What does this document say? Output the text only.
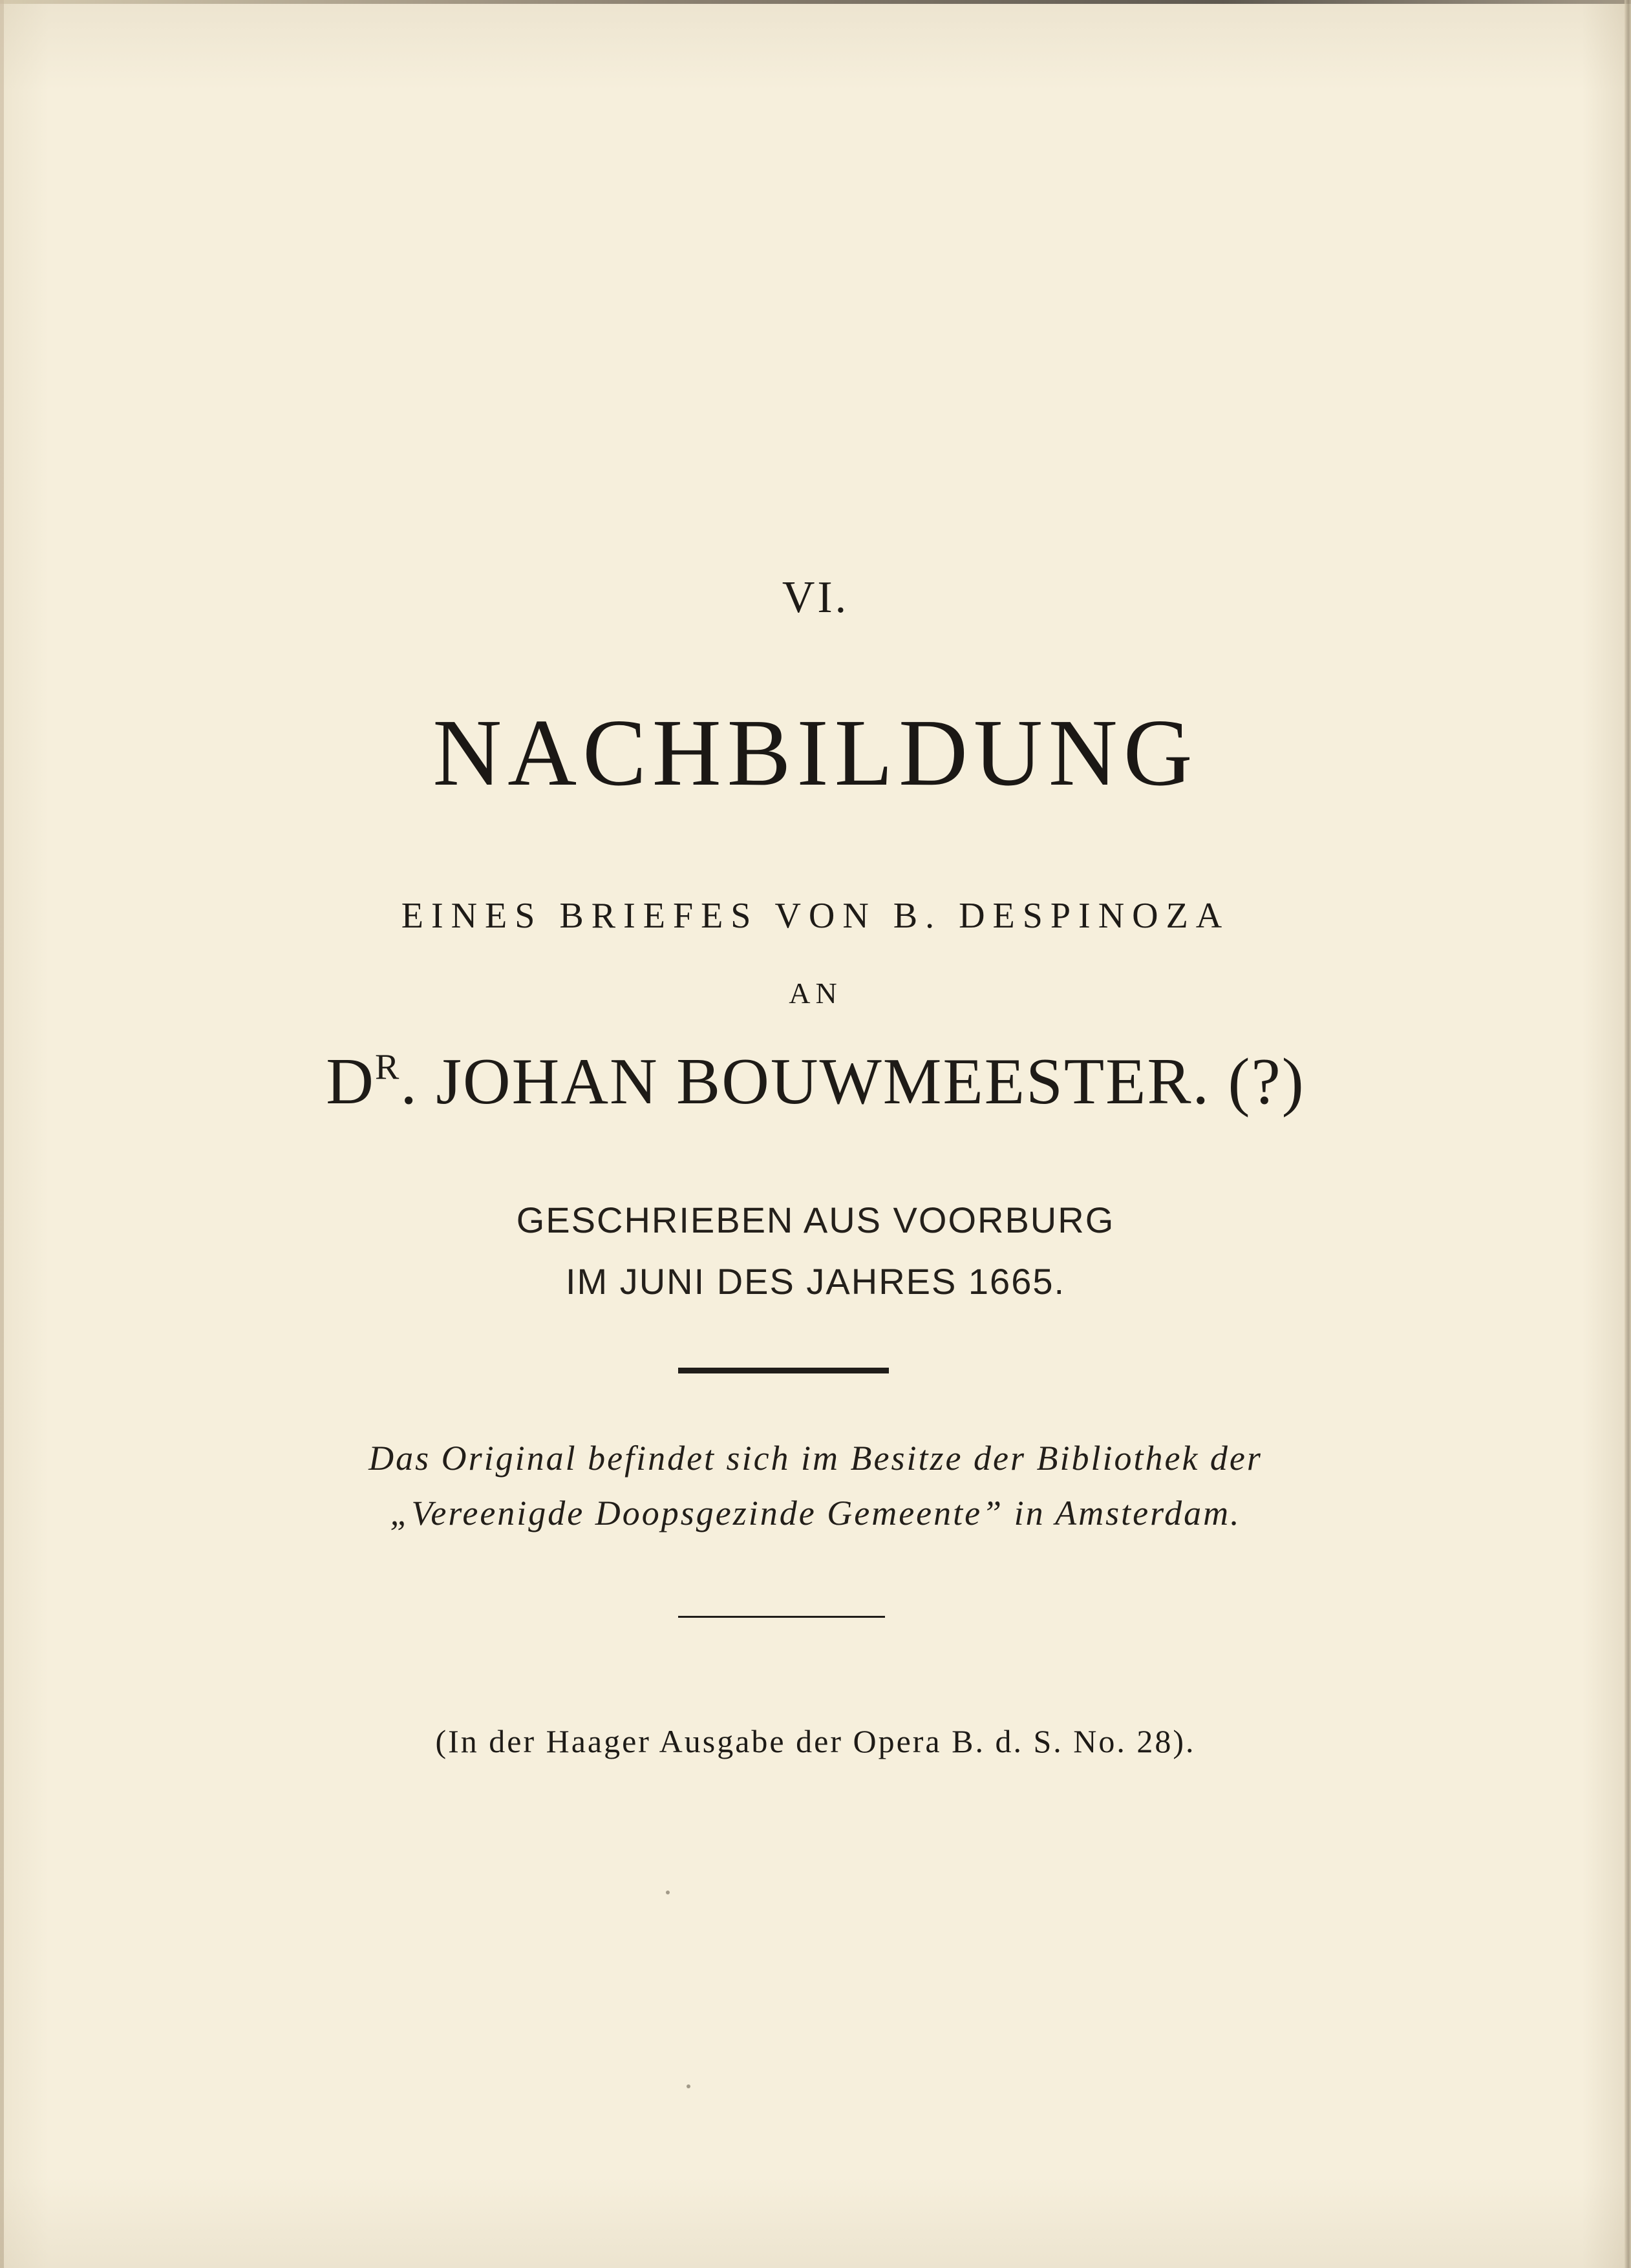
VI.
NACHBILDUNG
EINES BRIEFES VON B. DESPINOZA
AN
$D^R$. JOHAN BOUWMEESTER. (?)
GESCHRIEBEN AUS VOORBURG
IM JUNI DES JAHRES 1665.
Das Original befindet sich im Besitze der Bibliothek der
„Vereenigde Doopsgezinde Gemeente” in Amsterdam.
(In der Haager Ausgabe der Opera B. d. S. No. 28).
